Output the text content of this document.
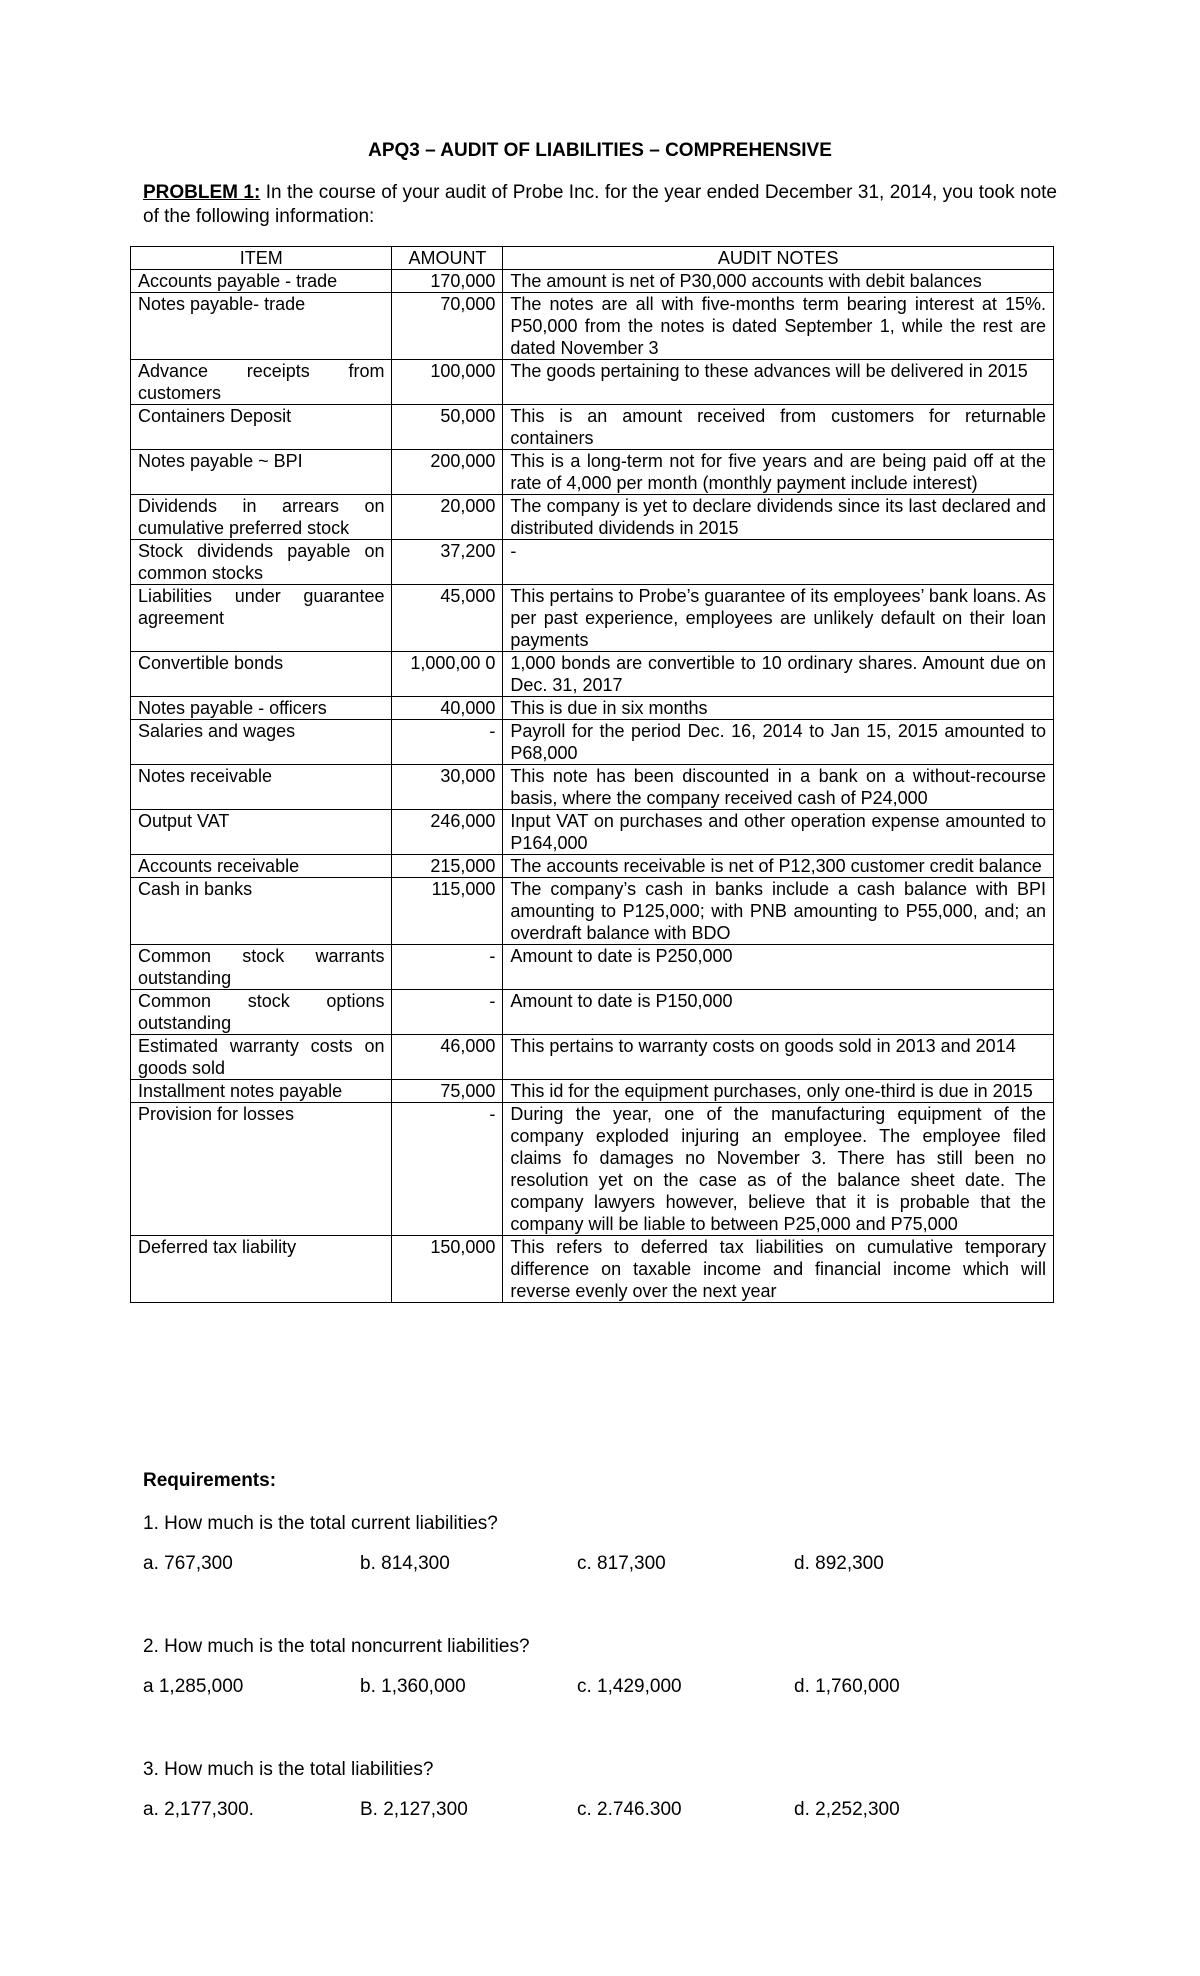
APQ3 – AUDIT OF LIABILITIES – COMPREHENSIVE
PROBLEM 1: In the course of your audit of Probe Inc. for the year ended December 31, 2014, you took note of the following information:
ITEM	AMOUNT	AUDIT NOTES
Accounts payable - trade	170,000	The amount is net of P30,000 accounts with debit balances
Notes payable- trade	70,000	The notes are all with five-months term bearing interest at 15%. P50,000 from the notes is dated September 1, while the rest are dated November 3
Advance receipts from customers	100,000	The goods pertaining to these advances will be delivered in 2015
Containers Deposit	50,000	This is an amount received from customers for returnable containers
Notes payable ~ BPI	200,000	This is a long-term not for five years and are being paid off at the rate of 4,000 per month (monthly payment include interest)
Dividends in arrears on cumulative preferred stock	20,000	The company is yet to declare dividends since its last declared and distributed dividends in 2015
Stock dividends payable on common stocks	37,200	-
Liabilities under guarantee agreement	45,000	This pertains to Probe’s guarantee of its employees’ bank loans. As per past experience, employees are unlikely default on their loan payments
Convertible bonds	1,000,00 0	1,000 bonds are convertible to 10 ordinary shares. Amount due on Dec. 31, 2017
Notes payable - officers	40,000	This is due in six months
Salaries and wages	-	Payroll for the period Dec. 16, 2014 to Jan 15, 2015 amounted to P68,000
Notes receivable	30,000	This note has been discounted in a bank on a without-recourse basis, where the company received cash of P24,000
Output VAT	246,000	Input VAT on purchases and other operation expense amounted to P164,000
Accounts receivable	215,000	The accounts receivable is net of P12,300 customer credit balance
Cash in banks	115,000	The company’s cash in banks include a cash balance with BPI amounting to P125,000; with PNB amounting to P55,000, and; an overdraft balance with BDO
Common stock warrants outstanding	-	Amount to date is P250,000
Common stock options outstanding	-	Amount to date is P150,000
Estimated warranty costs on goods sold	46,000	This pertains to warranty costs on goods sold in 2013 and 2014
Installment notes payable	75,000	This id for the equipment purchases, only one-third is due in 2015
Provision for losses	-	During the year, one of the manufacturing equipment of the company exploded injuring an employee. The employee filed claims fo damages no November 3. There has still been no resolution yet on the case as of the balance sheet date. The company lawyers however, believe that it is probable that the company will be liable to between P25,000 and P75,000
Deferred tax liability	150,000	This refers to deferred tax liabilities on cumulative temporary difference on taxable income and financial income which will reverse evenly over the next year
Requirements:
1. How much is the total current liabilities?
a. 767,300	b. 814,300	c. 817,300	d. 892,300
2. How much is the total noncurrent liabilities?
a 1,285,000	b. 1,360,000	c. 1,429,000	d. 1,760,000
3. How much is the total liabilities?
a. 2,177,300.	B. 2,127,300	c. 2.746.300	d. 2,252,300
